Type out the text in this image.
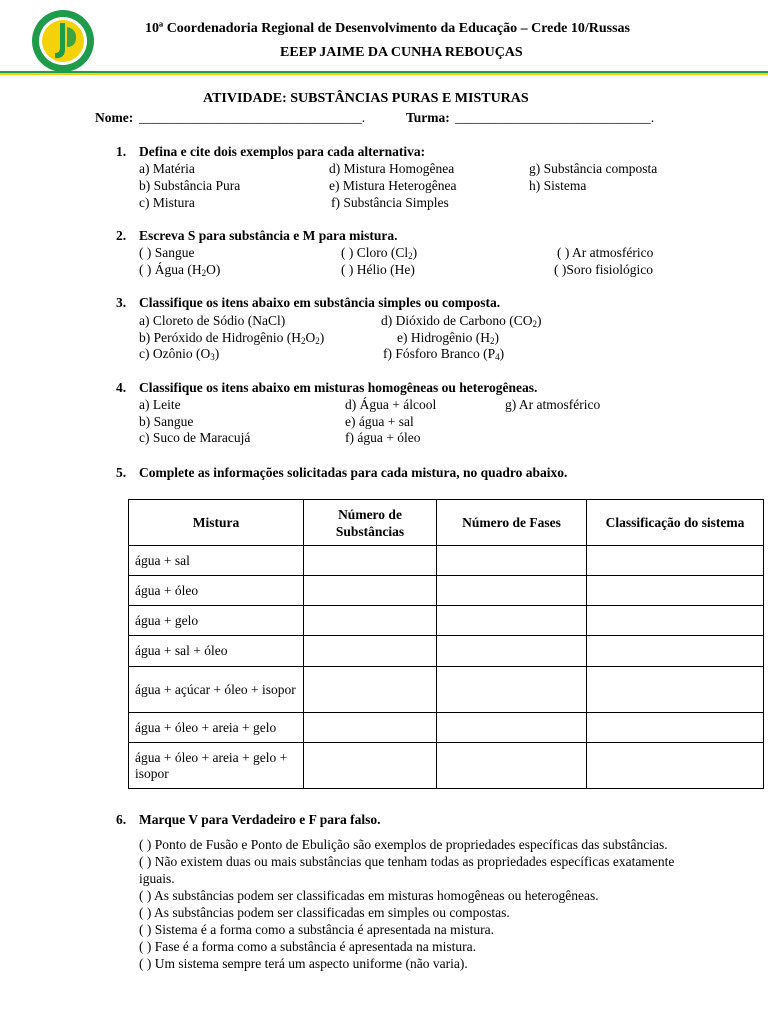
10ª Coordenadoria Regional de Desenvolvimento da Educação – Crede 10/Russas
EEEP JAIME DA CUNHA REBOUÇAS
ATIVIDADE: SUBSTÂNCIAS PURAS E MISTURAS
Nome: _________________________________.	Turma: _____________________________.
1. Defina e cite dois exemplos para cada alternativa:
a) Matéria
b) Substância Pura
c) Mistura
d) Mistura Homogênea
e) Mistura Heterogênea
f) Substância Simples
g) Substância composta
h) Sistema
2. Escreva S para substância e M para mistura.
( ) Sangue
( ) Água $(H_2O)$
( ) Cloro $(Cl_2)$
( ) Hélio (He)
( ) Ar atmosférico
( )Soro fisiológico
3. Classifique os itens abaixo em substância simples ou composta.
a) Cloreto de Sódio (NaCl)
b) Peróxido de Hidrogênio $(H_2O_2)$
c) Ozônio $(O_3)$
d) Dióxido de Carbono $(CO_2)$
e) Hidrogênio $(H_2)$
f) Fósforo Branco $(P_4)$
4. Classifique os itens abaixo em misturas homogêneas ou heterogêneas.
a) Leite
b) Sangue
c) Suco de Maracujá
d) Água + álcool
e) água + sal
f) água + óleo
g) Ar atmosférico
5. Complete as informações solicitadas para cada mistura, no quadro abaixo.
Mistura	Número de Substâncias	Número de Fases	Classificação do sistema
água + sal			
água + óleo			
água + gelo			
água + sal + óleo			
água + açúcar + óleo + isopor			
água + óleo + areia + gelo			
água + óleo + areia + gelo + isopor			
6. Marque V para Verdadeiro e F para falso.
( ) Ponto de Fusão e Ponto de Ebulição são exemplos de propriedades específicas das substâncias.
( ) Não existem duas ou mais substâncias que tenham todas as propriedades específicas exatamente iguais.
( ) As substâncias podem ser classificadas em misturas homogêneas ou heterogêneas.
( ) As substâncias podem ser classificadas em simples ou compostas.
( ) Sistema é a forma como a substância é apresentada na mistura.
( ) Fase é a forma como a substância é apresentada na mistura.
( ) Um sistema sempre terá um aspecto uniforme (não varia).
